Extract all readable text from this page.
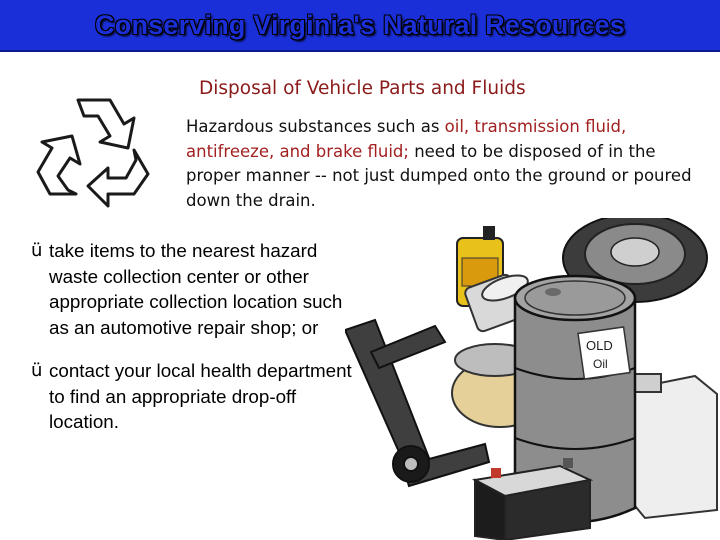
Conserving Virginia's Natural Resources
Disposal of Vehicle Parts and Fluids
Hazardous substances such as oil, transmission fluid, antifreeze, and brake fluid; need to be disposed of in the proper manner -- not just dumped onto the ground or poured down the drain.
ü take items to the nearest hazard waste collection center or other appropriate collection location such as an automotive repair shop; or
ü contact your local health department to find an appropriate drop-off location.
OLD
Oil
